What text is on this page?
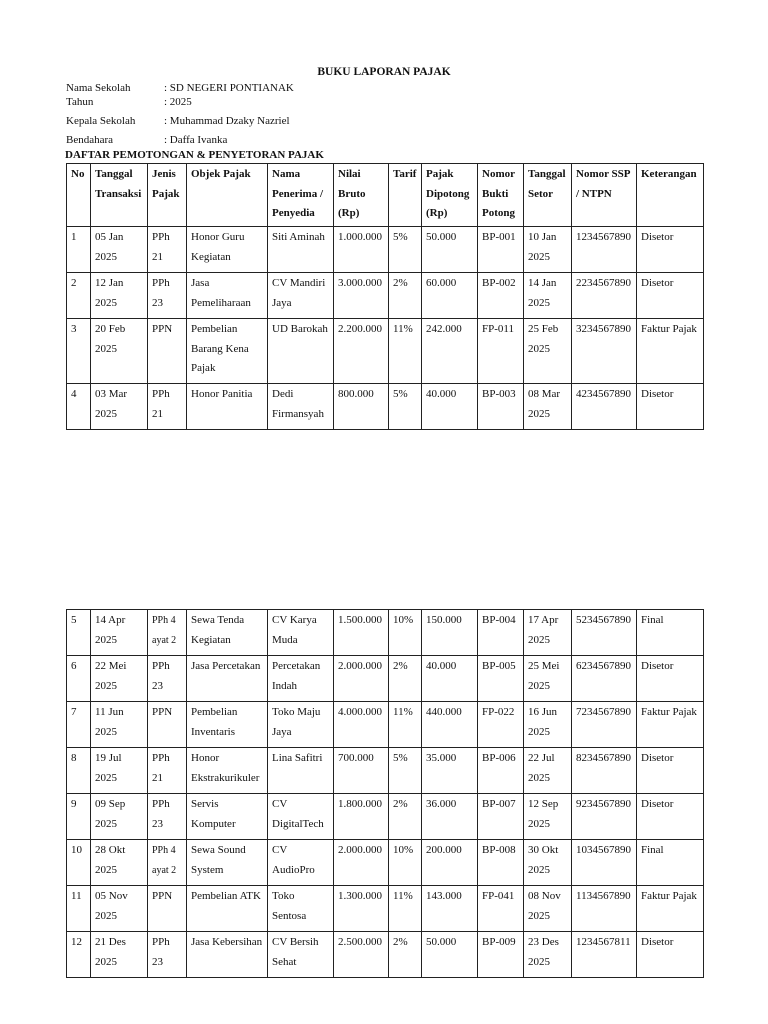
BUKU LAPORAN PAJAK
Nama Sekolah	: SD NEGERI PONTIANAK
Tahun	: 2025
Kepala Sekolah	: Muhammad Dzaky Nazriel
Bendahara	: Daffa Ivanka
DAFTAR PEMOTONGAN & PENYETORAN PAJAK
No	Tanggal Transaksi	Jenis Pajak	Objek Pajak	Nama Penerima / Penyedia	Nilai Bruto (Rp)	Tarif	Pajak Dipotong (Rp)	Nomor Bukti Potong	Tanggal Setor	Nomor SSP / NTPN	Keterangan
1	05 Jan 2025	PPh 21	Honor Guru Kegiatan	Siti Aminah	1.000.000	5%	50.000	BP-001	10 Jan 2025	1234567890	Disetor
2	12 Jan 2025	PPh 23	Jasa Pemeliharaan	CV Mandiri Jaya	3.000.000	2%	60.000	BP-002	14 Jan 2025	2234567890	Disetor
3	20 Feb 2025	PPN	Pembelian Barang Kena Pajak	UD Barokah	2.200.000	11%	242.000	FP-011	25 Feb 2025	3234567890	Faktur Pajak
4	03 Mar 2025	PPh 21	Honor Panitia	Dedi Firmansyah	800.000	5%	40.000	BP-003	08 Mar 2025	4234567890	Disetor
5	14 Apr 2025	PPh 4 ayat 2	Sewa Tenda Kegiatan	CV Karya Muda	1.500.000	10%	150.000	BP-004	17 Apr 2025	5234567890	Final
6	22 Mei 2025	PPh 23	Jasa Percetakan	Percetakan Indah	2.000.000	2%	40.000	BP-005	25 Mei 2025	6234567890	Disetor
7	11 Jun 2025	PPN	Pembelian Inventaris	Toko Maju Jaya	4.000.000	11%	440.000	FP-022	16 Jun 2025	7234567890	Faktur Pajak
8	19 Jul 2025	PPh 21	Honor Ekstrakurikuler	Lina Safitri	700.000	5%	35.000	BP-006	22 Jul 2025	8234567890	Disetor
9	09 Sep 2025	PPh 23	Servis Komputer	CV DigitalTech	1.800.000	2%	36.000	BP-007	12 Sep 2025	9234567890	Disetor
10	28 Okt 2025	PPh 4 ayat 2	Sewa Sound System	CV AudioPro	2.000.000	10%	200.000	BP-008	30 Okt 2025	1034567890	Final
11	05 Nov 2025	PPN	Pembelian ATK	Toko Sentosa	1.300.000	11%	143.000	FP-041	08 Nov 2025	1134567890	Faktur Pajak
12	21 Des 2025	PPh 23	Jasa Kebersihan	CV Bersih Sehat	2.500.000	2%	50.000	BP-009	23 Des 2025	1234567811	Disetor
